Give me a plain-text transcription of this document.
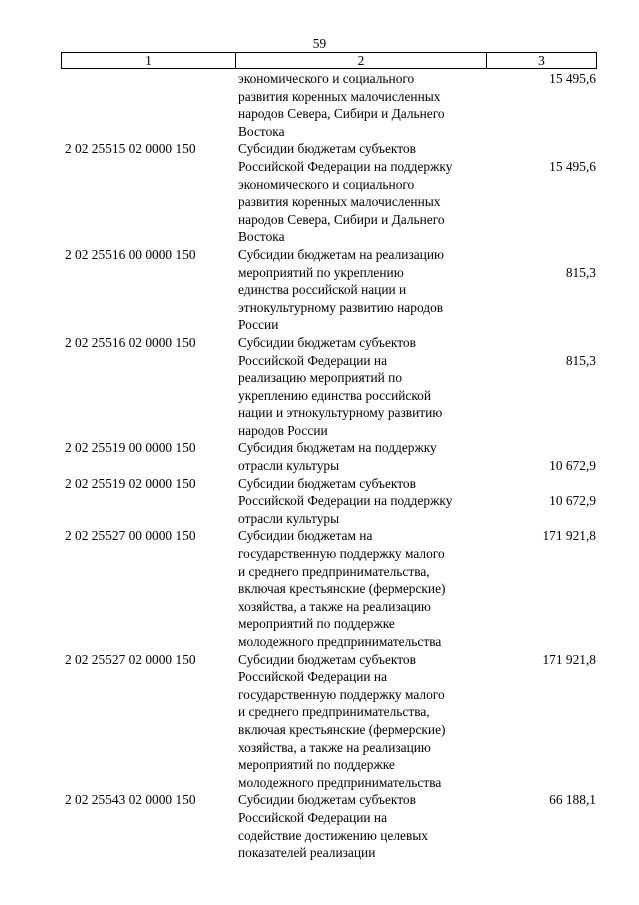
59
1	2	3
экономического и социального
развития коренных малочисленных
народов Севера, Сибири и Дальнего
Востока
15 495,6
2 02 25515 02 0000 150	Субсидии бюджетам субъектов
Российской Федерации на поддержку
экономического и социального
развития коренных малочисленных
народов Севера, Сибири и Дальнего
Востока
15 495,6
2 02 25516 00 0000 150	Субсидии бюджетам на реализацию
мероприятий по укреплению
единства российской нации и
этнокультурному развитию народов
России
815,3
2 02 25516 02 0000 150	Субсидии бюджетам субъектов
Российской Федерации на
реализацию мероприятий по
укреплению единства российской
нации и этнокультурному развитию
народов России
815,3
2 02 25519 00 0000 150	Субсидия бюджетам на поддержку
отрасли культуры	10 672,9
2 02 25519 02 0000 150	Субсидии бюджетам субъектов
Российской Федерации на поддержку
отрасли культуры
10 672,9
2 02 25527 00 0000 150	Субсидии бюджетам на
государственную поддержку малого
и среднего предпринимательства,
включая крестьянские (фермерские)
хозяйства, а также на реализацию
мероприятий по поддержке
молодежного предпринимательства
171 921,8
2 02 25527 02 0000 150	Субсидии бюджетам субъектов
Российской Федерации на
государственную поддержку малого
и среднего предпринимательства,
включая крестьянские (фермерские)
хозяйства, а также на реализацию
мероприятий по поддержке
молодежного предпринимательства
171 921,8
2 02 25543 02 0000 150	Субсидии бюджетам субъектов
Российской Федерации на
содействие достижению целевых
показателей реализации
66 188,1
